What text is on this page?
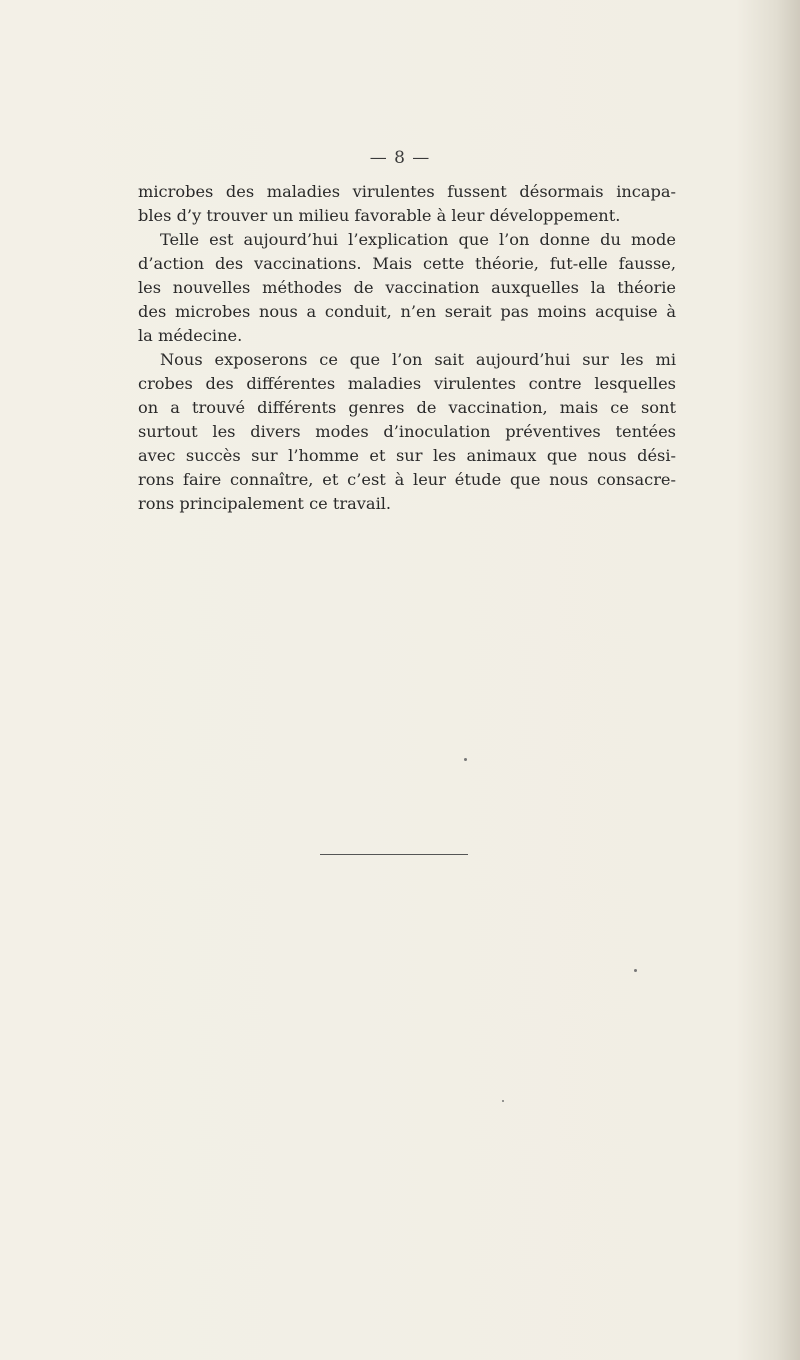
— 8 —
microbes des maladies virulentes fussent désormais incapa-
bles d’y trouver un milieu favorable à leur développement.
Telle est aujourd’hui l’explication que l’on donne du mode
d’action des vaccinations. Mais cette théorie, fut-elle fausse,
les nouvelles méthodes de vaccination auxquelles la théorie
des microbes nous a conduit, n’en serait pas moins acquise à
la médecine.
Nous exposerons ce que l’on sait aujourd’hui sur les mi
crobes des différentes maladies virulentes contre lesquelles
on a trouvé différents genres de vaccination, mais ce sont
surtout les divers modes d’inoculation préventives tentées
avec succès sur l’homme et sur les animaux que nous dési-
rons faire connaître, et c’est à leur étude que nous consacre-
rons principalement ce travail.
